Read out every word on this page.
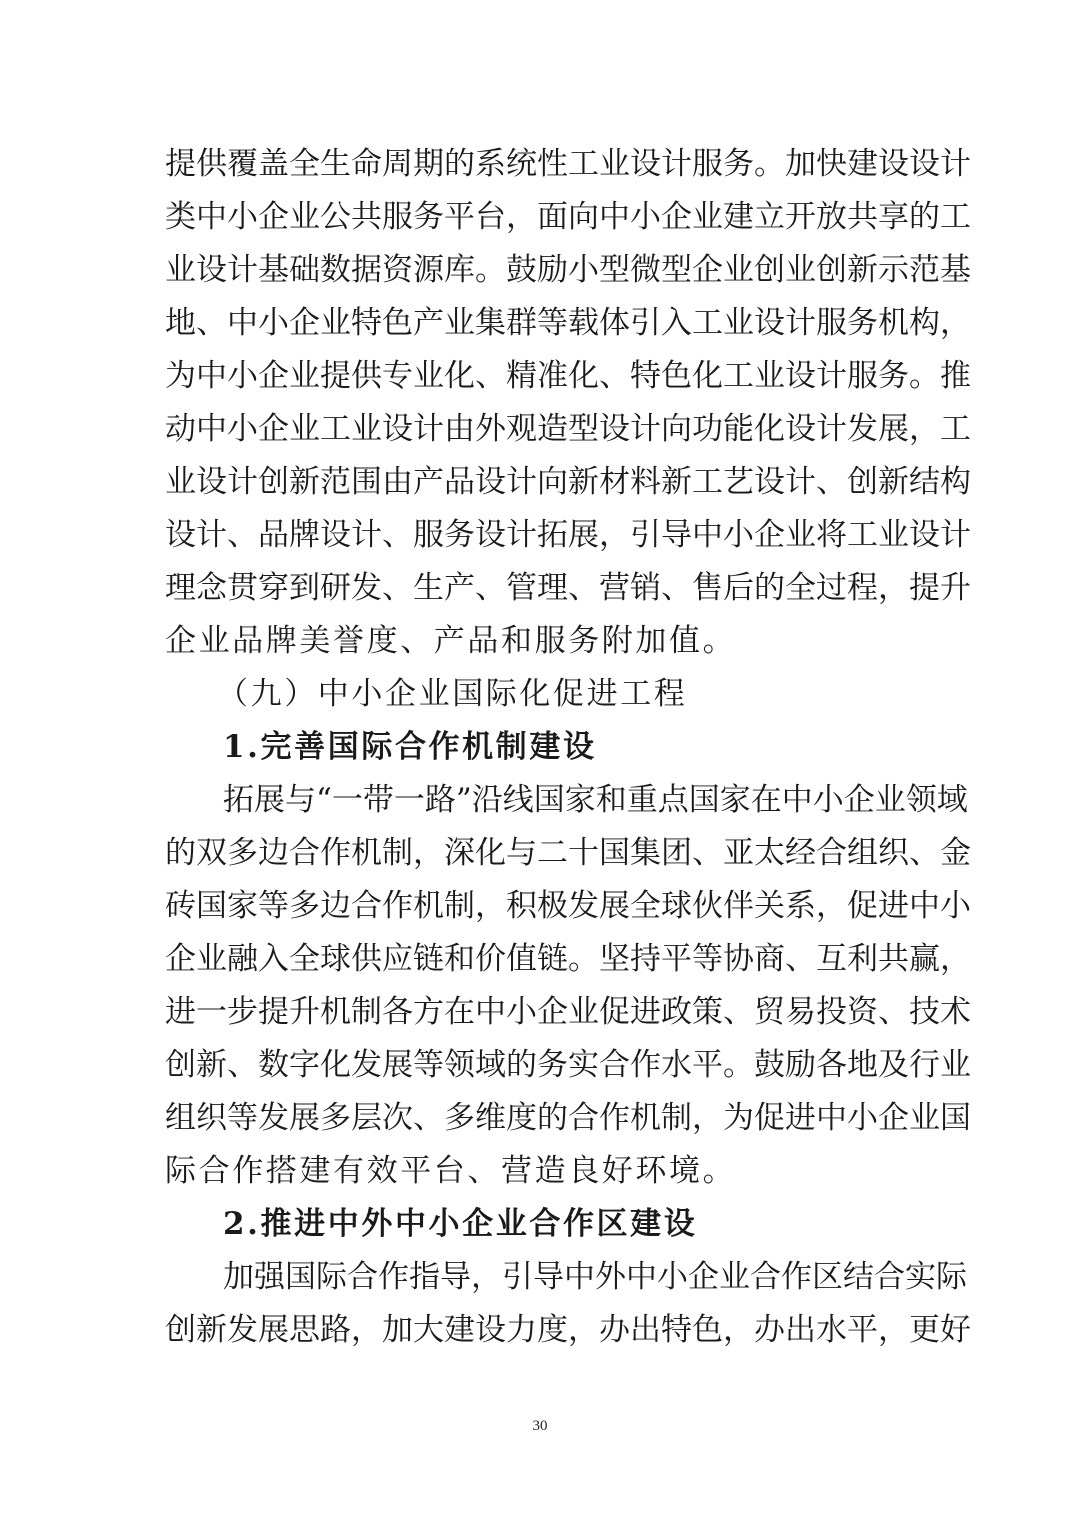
提供覆盖全生命周期的系统性工业设计服务。加快建设设计
类中小企业公共服务平台，面向中小企业建立开放共享的工
业设计基础数据资源库。鼓励小型微型企业创业创新示范基
地、中小企业特色产业集群等载体引入工业设计服务机构，
为中小企业提供专业化、精准化、特色化工业设计服务。推
动中小企业工业设计由外观造型设计向功能化设计发展，工
业设计创新范围由产品设计向新材料新工艺设计、创新结构
设计、品牌设计、服务设计拓展，引导中小企业将工业设计
理念贯穿到研发、生产、管理、营销、售后的全过程，提升
企业品牌美誉度、产品和服务附加值。
（九）中小企业国际化促进工程
1.完善国际合作机制建设
拓展与“一带一路”沿线国家和重点国家在中小企业领域
的双多边合作机制，深化与二十国集团、亚太经合组织、金
砖国家等多边合作机制，积极发展全球伙伴关系，促进中小
企业融入全球供应链和价值链。坚持平等协商、互利共赢，
进一步提升机制各方在中小企业促进政策、贸易投资、技术
创新、数字化发展等领域的务实合作水平。鼓励各地及行业
组织等发展多层次、多维度的合作机制，为促进中小企业国
际合作搭建有效平台、营造良好环境。
2.推进中外中小企业合作区建设
加强国际合作指导，引导中外中小企业合作区结合实际
创新发展思路，加大建设力度，办出特色，办出水平，更好
30
